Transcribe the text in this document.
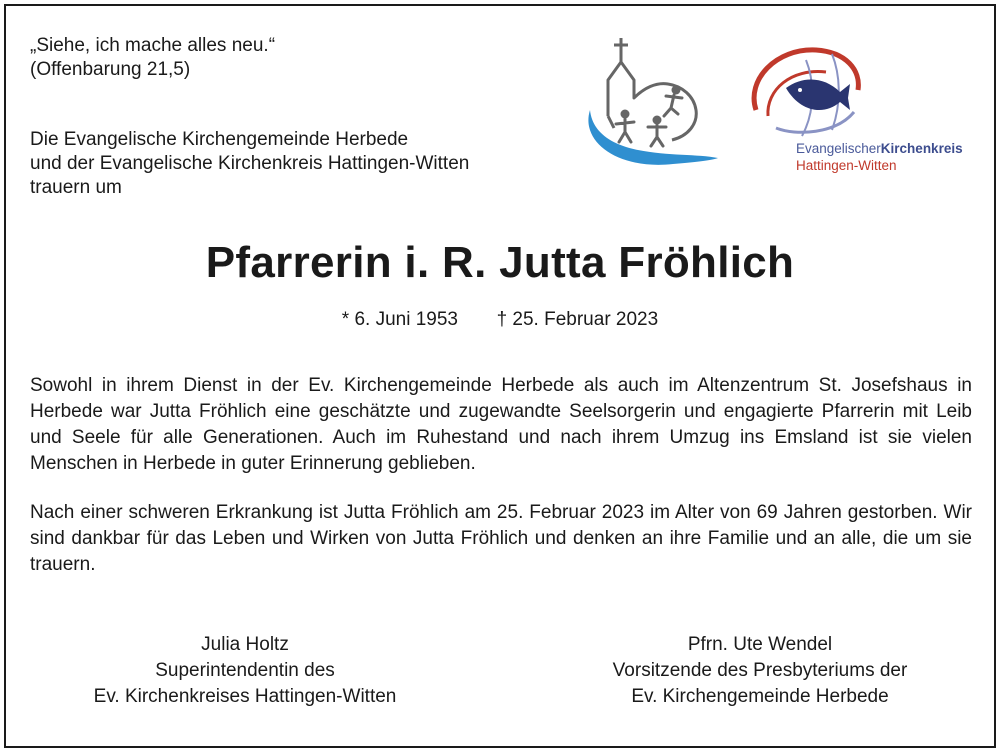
„Siehe, ich mache alles neu.“
(Offenbarung 21,5)
Die Evangelische Kirchengemeinde Herbede
und der Evangelische Kirchenkreis Hattingen-Witten
trauern um
EvangelischerKirchenkreis
Hattingen-Witten
Pfarrerin i. R. Jutta Fröhlich
* 6. Juni 1953 † 25. Februar 2023
Sowohl in ihrem Dienst in der Ev. Kirchengemeinde Herbede als auch im Altenzentrum St. Josefshaus in Herbede war Jutta Fröhlich eine geschätzte und zugewandte Seelsorgerin und engagierte Pfarrerin mit Leib und Seele für alle Generationen. Auch im Ruhestand und nach ihrem Umzug ins Emsland ist sie vielen Menschen in Herbede in guter Erinnerung geblieben.
Nach einer schweren Erkrankung ist Jutta Fröhlich am 25. Februar 2023 im Alter von 69 Jahren gestorben. Wir sind dankbar für das Leben und Wirken von Jutta Fröhlich und denken an ihre Familie und an alle, die um sie trauern.
Julia Holtz
Superintendentin des
Ev. Kirchenkreises Hattingen-Witten
Pfrn. Ute Wendel
Vorsitzende des Presbyteriums der
Ev. Kirchengemeinde Herbede
